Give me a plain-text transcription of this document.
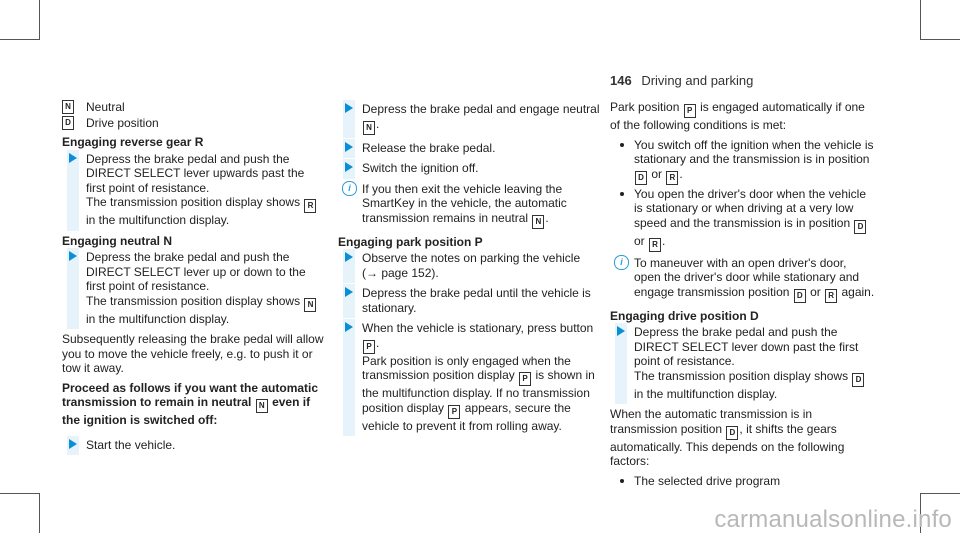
146 Driving and parking
N Neutral
D Drive position
Engaging reverse gear R
Depress the brake pedal and push the DIRECT SELECT lever upwards past the first point of resistance.
The transmission position display shows R in the multifunction display.
Engaging neutral N
Depress the brake pedal and push the DIRECT SELECT lever up or down to the first point of resistance.
The transmission position display shows N in the multifunction display.

Subsequently releasing the brake pedal will allow you to move the vehicle freely, e.g. to push it or tow it away.

Proceed as follows if you want the automatic transmission to remain in neutral N even if the ignition is switched off:

Start the vehicle.
Depress the brake pedal and engage neutral N .
Release the brake pedal.
Switch the ignition off.
i If you then exit the vehicle leaving the SmartKey in the vehicle, the automatic transmission remains in neutral N .
Engaging park position P
Observe the notes on parking the vehicle
(→ page 152).
Depress the brake pedal until the vehicle is stationary.
When the vehicle is stationary, press button
P .
Park position is only engaged when the transmission position display P is shown in the multifunction display. If no transmission position display P appears, secure the vehicle to prevent it from rolling away.

Park position P is engaged automatically if one of the following conditions is met:

You switch off the ignition when the vehicle is stationary and the transmission is in position D or R .
You open the driver's door when the vehicle is stationary or when driving at a very low speed and the transmission is in position D or R .
i To maneuver with an open driver's door, open the driver's door while stationary and engage transmission position D or R again.
Engaging drive position D
Depress the brake pedal and push the DIRECT SELECT lever down past the first point of resistance.
The transmission position display shows D in the multifunction display.

When the automatic transmission is in transmission position D , it shifts the gears automatically. This depends on the following factors:

The selected drive program
carmanualsonline.info
